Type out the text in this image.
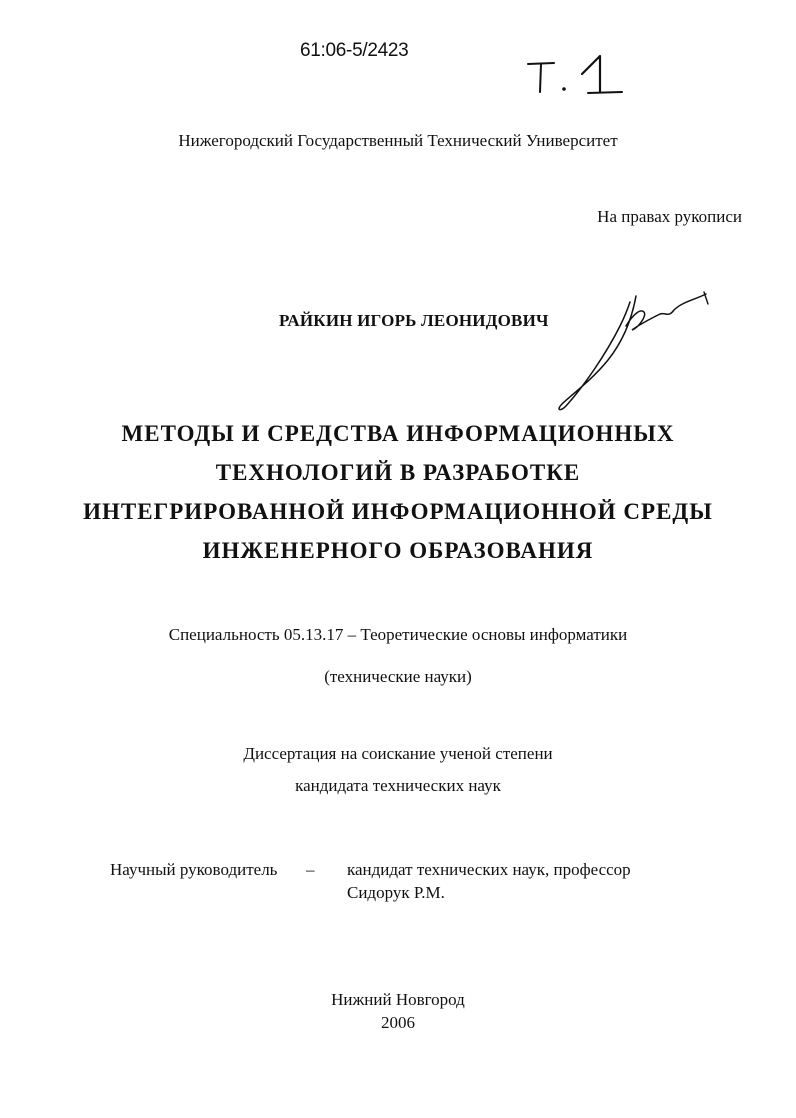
61:06-5/2423
Нижегородский Государственный Технический Университет
На правах рукописи
РАЙКИН ИГОРЬ ЛЕОНИДОВИЧ
МЕТОДЫ И СРЕДСТВА ИНФОРМАЦИОННЫХ
ТЕХНОЛОГИЙ В РАЗРАБОТКЕ
ИНТЕГРИРОВАННОЙ ИНФОРМАЦИОННОЙ СРЕДЫ
ИНЖЕНЕРНОГО ОБРАЗОВАНИЯ
Специальность 05.13.17 – Теоретические основы информатики
(технические науки)
Диссертация на соискание ученой степени
кандидата технических наук
Научный руководитель – кандидат технических наук, профессор
Сидорук Р.М.
Нижний Новгород
2006
